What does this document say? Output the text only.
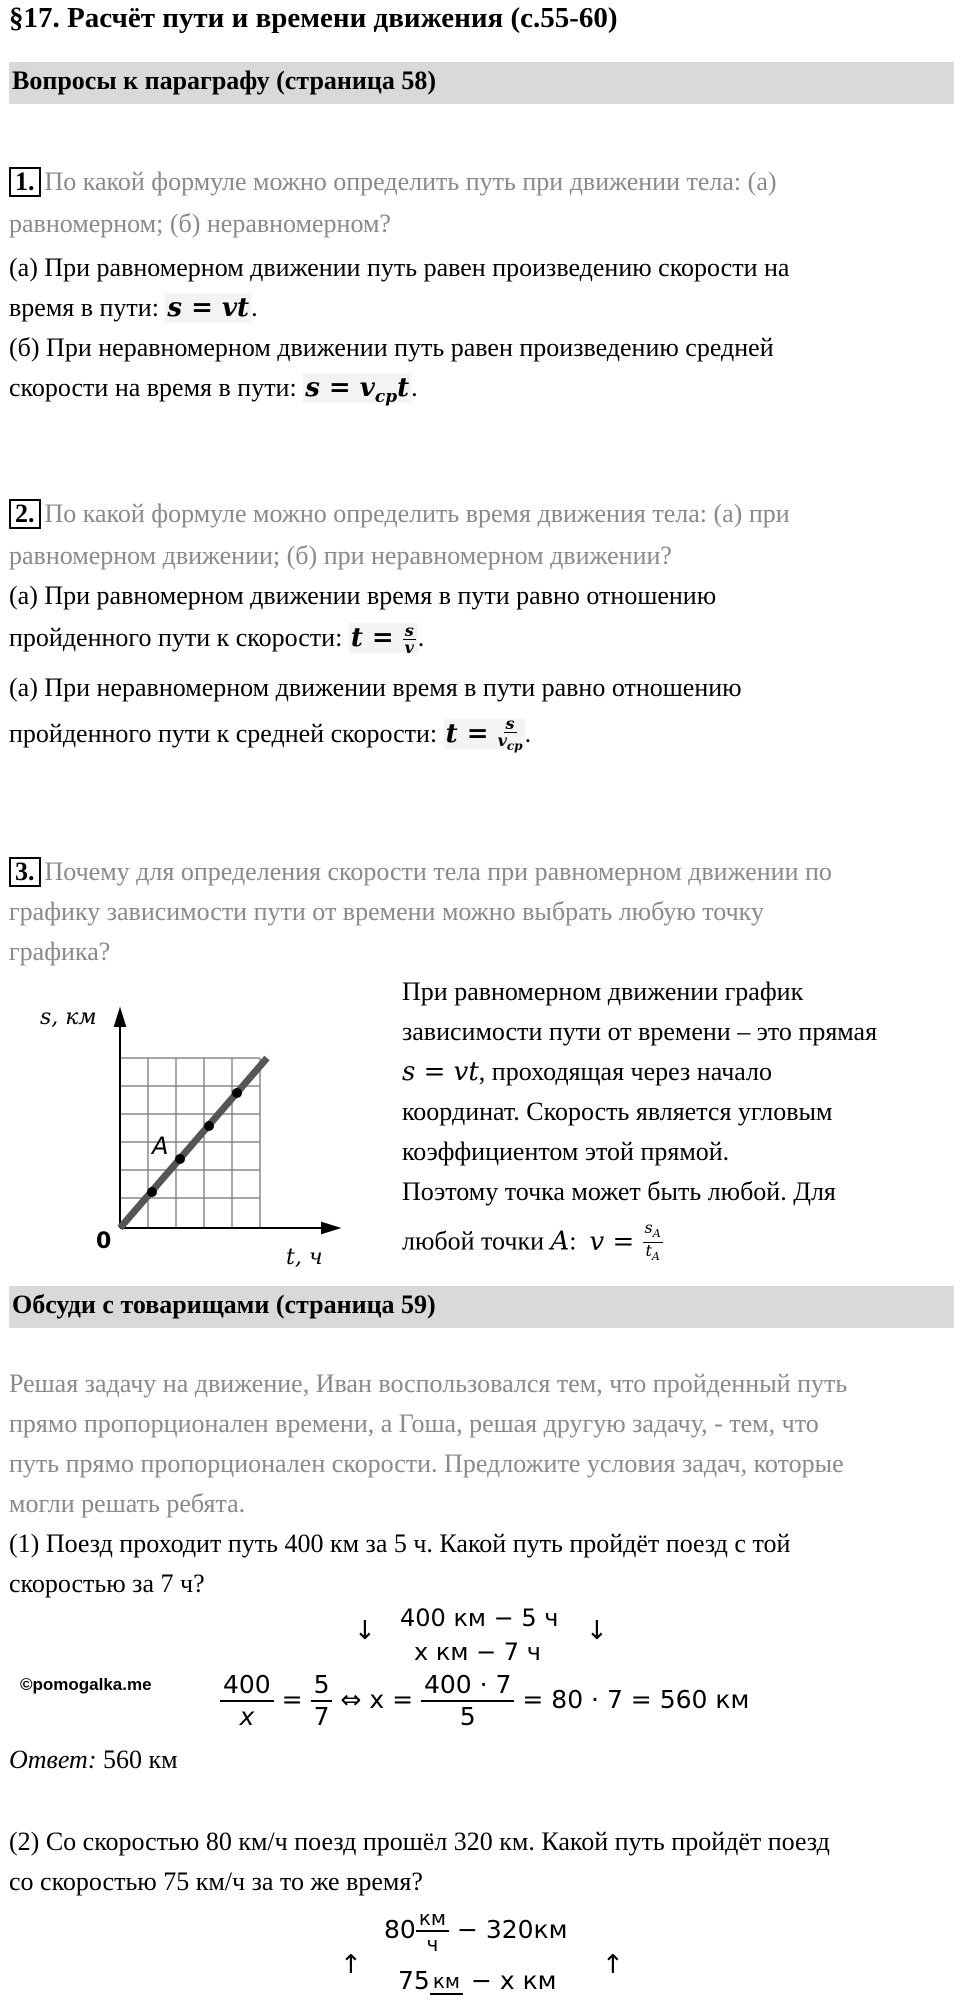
§17. Расчёт пути и времени движения (с.55-60)
Вопросы к параграфу (страница 58)
1. По какой формуле можно определить путь при движении тела: (а)
равномерном; (б) неравномерном?
(а) При равномерном движении путь равен произведению скорости на
время в пути: s = vt.
(б) При неравномерном движении путь равен произведению средней
скорости на время в пути: $s = v_{cp}t$.
2. По какой формуле можно определить время движения тела: (а) при
равномерном движении; (б) при неравномерном движении?
(а) При равномерном движении время в пути равно отношению
пройденного пути к скорости: $t = \frac{s}{v}$ .
(а) При неравномерном движении время в пути равно отношению
пройденного пути к средней скорости: $t = \frac{s}{v_{cp}}$ .
3. Почему для определения скорости тела при равномерном движении по
графику зависимости пути от времени можно выбрать любую точку
графика?
s, км
t, ч
0
A
При равномерном движении график
зависимости пути от времени – это прямая
s = vt, проходящая через начало
координат. Скорость является угловым
коэффициентом этой прямой.
Поэтому точка может быть любой. Для
любой точки A:  $v = \frac{s_A}{t_A}$
Обсуди с товарищами (страница 59)
Решая задачу на движение, Иван воспользовался тем, что пройденный путь
прямо пропорционален времени, а Гоша, решая другую задачу, - тем, что
путь прямо пропорционален скорости. Предложите условия задач, которые
могли решать ребята.
(1) Поезд проходит путь 400 км за 5 ч. Какой путь пройдёт поезд с той
скоростью за 7 ч?
↓ 400 км − 5 ч
x км − 7 ч
↓
©pomogalka.me	$\frac{400}{x} = \frac{5}{7}$ ⇔ $x = \frac{400 \cdot 7}{5} = 80 \cdot 7 = 560$ км
Ответ: 560 км
(2) Со скоростью 80 км/ч поезд прошёл 320 км. Какой путь пройдёт поезд
со скоростью 75 км/ч за то же время?
↑
80 км
ч − 320км
75 км − x км
↑
